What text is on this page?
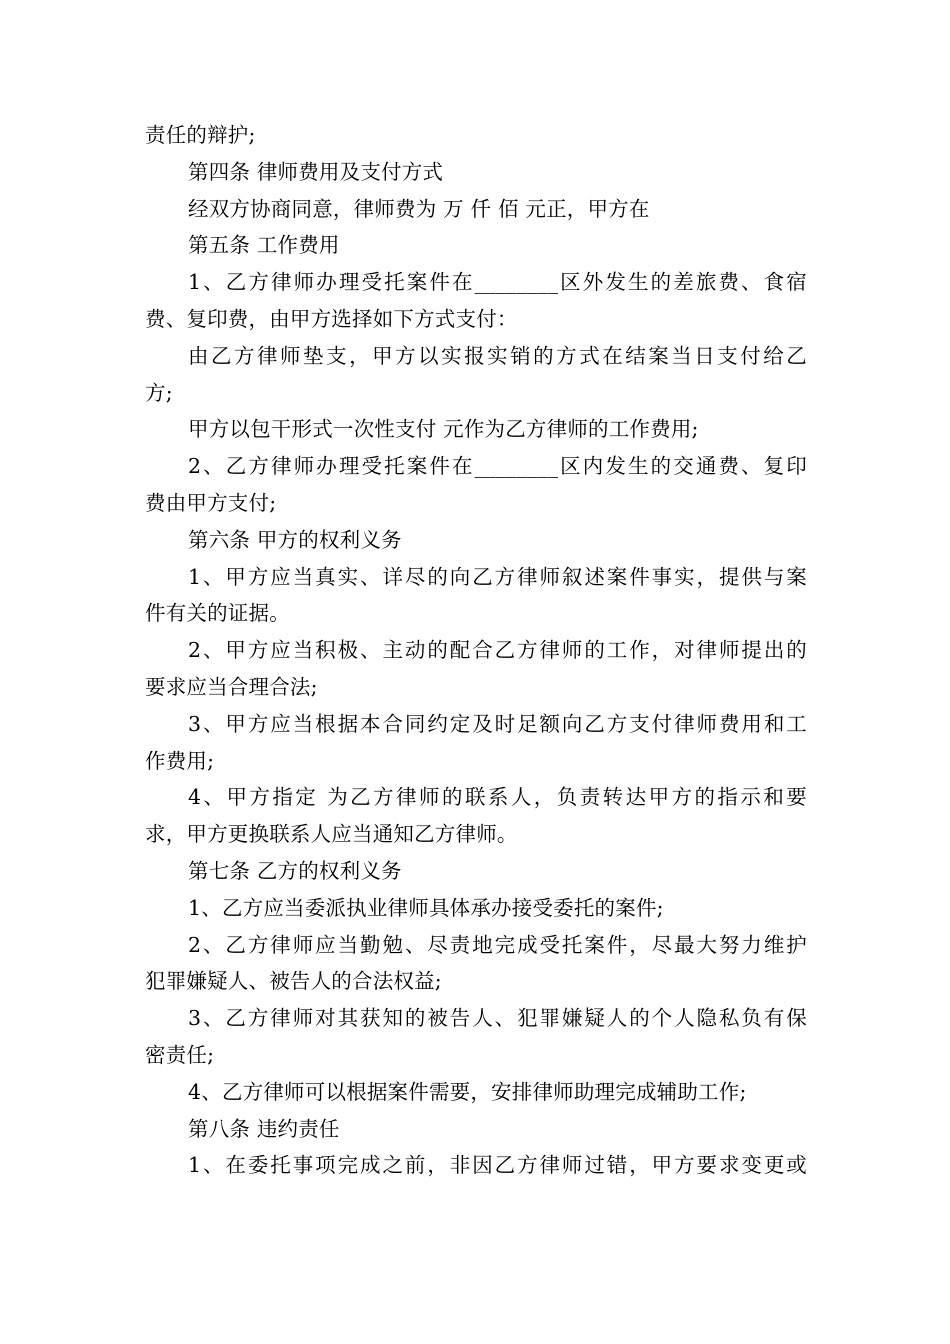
责任的辩护;
第四条 律师费用及支付方式
经双方协商同意，律师费为 万 仟 佰 元正，甲方在
第五条 工作费用
1、乙方律师办理受托案件在________区外发生的差旅费、食宿
费、复印费，由甲方选择如下方式支付：
由乙方律师垫支，甲方以实报实销的方式在结案当日支付给乙
方;
甲方以包干形式一次性支付 元作为乙方律师的工作费用;
2、乙方律师办理受托案件在________区内发生的交通费、复印
费由甲方支付;
第六条 甲方的权利义务
1、甲方应当真实、详尽的向乙方律师叙述案件事实，提供与案
件有关的证据。
2、甲方应当积极、主动的配合乙方律师的工作，对律师提出的
要求应当合理合法;
3、甲方应当根据本合同约定及时足额向乙方支付律师费用和工
作费用;
4、甲方指定 为乙方律师的联系人，负责转达甲方的指示和要
求，甲方更换联系人应当通知乙方律师。
第七条 乙方的权利义务
1、乙方应当委派执业律师具体承办接受委托的案件;
2、乙方律师应当勤勉、尽责地完成受托案件，尽最大努力维护
犯罪嫌疑人、被告人的合法权益;
3、乙方律师对其获知的被告人、犯罪嫌疑人的个人隐私负有保
密责任;
4、乙方律师可以根据案件需要，安排律师助理完成辅助工作;
第八条 违约责任
1、在委托事项完成之前，非因乙方律师过错，甲方要求变更或
